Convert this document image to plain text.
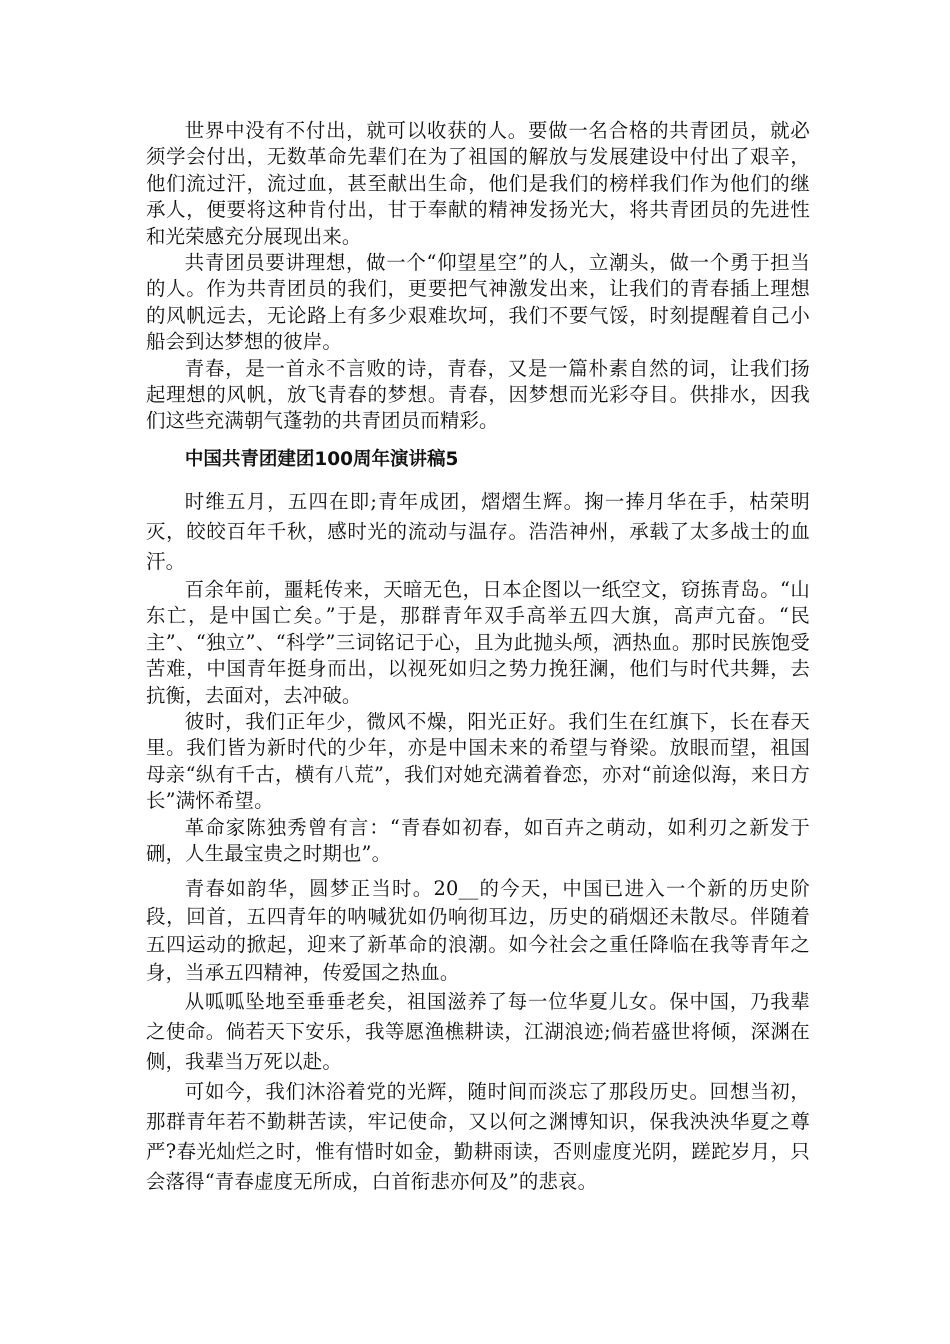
世界中没有不付出，就可以收获的人。要做一名合格的共青团员，就必须学会付出，无数革命先辈们在为了祖国的解放与发展建设中付出了艰辛，他们流过汗，流过血，甚至献出生命，他们是我们的榜样我们作为他们的继承人，便要将这种肯付出，甘于奉献的精神发扬光大，将共青团员的先进性和光荣感充分展现出来。

共青团员要讲理想，做一个“仰望星空”的人，立潮头，做一个勇于担当的人。作为共青团员的我们，更要把气神激发出来，让我们的青春插上理想的风帆远去，无论路上有多少艰难坎坷，我们不要气馁，时刻提醒着自己小船会到达梦想的彼岸。

青春，是一首永不言败的诗，青春，又是一篇朴素自然的词，让我们扬起理想的风帆，放飞青春的梦想。青春，因梦想而光彩夺目。供排水，因我们这些充满朝气蓬勃的共青团员而精彩。

中国共青团建团100周年演讲稿5

时维五月，五四在即;青年成团，熠熠生辉。掬一捧月华在手，枯荣明灭，皎皎百年千秋，感时光的流动与温存。浩浩神州，承载了太多战士的血汗。

百余年前，噩耗传来，天暗无色，日本企图以一纸空文，窃拣青岛。“山东亡，是中国亡矣。”于是，那群青年双手高举五四大旗，高声亢奋。“民主”、“独立”、“科学”三词铭记于心，且为此抛头颅，洒热血。那时民族饱受苦难，中国青年挺身而出，以视死如归之势力挽狂澜，他们与时代共舞，去抗衡，去面对，去冲破。

彼时，我们正年少，微风不燥，阳光正好。我们生在红旗下，长在春天里。我们皆为新时代的少年，亦是中国未来的希望与脊梁。放眼而望，祖国母亲“纵有千古，横有八荒”，我们对她充满着眷恋，亦对“前途似海，来日方长”满怀希望。

革命家陈独秀曾有言：“青春如初春，如百卉之萌动，如利刃之新发于硎，人生最宝贵之时期也”。

青春如韵华，圆梦正当时。20__的今天，中国已进入一个新的历史阶段，回首，五四青年的呐喊犹如仍响彻耳边，历史的硝烟还未散尽。伴随着五四运动的掀起，迎来了新革命的浪潮。如今社会之重任降临在我等青年之身，当承五四精神，传爱国之热血。

从呱呱坠地至垂垂老矣，祖国滋养了每一位华夏儿女。保中国，乃我辈之使命。倘若天下安乐，我等愿渔樵耕读，江湖浪迹;倘若盛世将倾，深渊在侧，我辈当万死以赴。

可如今，我们沐浴着党的光辉，随时间而淡忘了那段历史。回想当初，那群青年若不勤耕苦读，牢记使命，又以何之渊博知识，保我泱泱华夏之尊严?春光灿烂之时，惟有惜时如金，勤耕雨读，否则虚度光阴，蹉跎岁月，只会落得“青春虚度无所成，白首衔悲亦何及”的悲哀。
